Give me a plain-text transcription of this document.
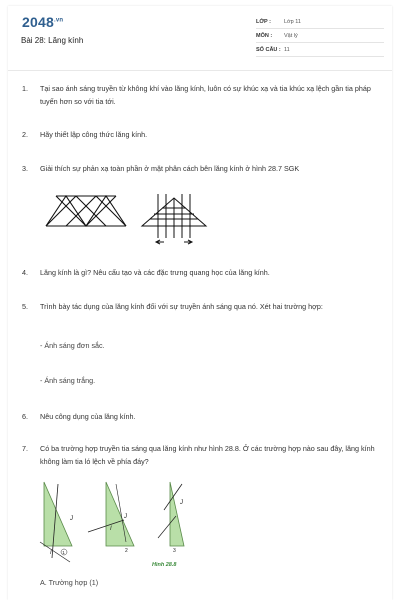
$2048^{.vn}$
Bài 28: Lăng kính
LỚP : Lớp 11
MÔN : Vật lý
SỐ CÂU : 11
1.	Tại sao ánh sáng truyền từ không khí vào lăng kính, luôn có sự khúc xạ và tia khúc xạ lệch gần tia pháp tuyến hơn so với tia tới.
2.	Hãy thiết lập công thức lăng kính.
3.	Giải thích sự phản xạ toàn phần ở mặt phân cách bên lăng kính ở hình 28.7 SGK
4.	Lăng kính là gì? Nêu cấu tạo và các đặc trưng quang học của lăng kính.
5.	Trình bày tác dụng của lăng kính đối với sự truyền ánh sáng qua nó. Xét hai trường hợp:
- Ánh sáng đơn sắc.
- Ánh sáng trắng.
6.	Nêu công dụng của lăng kính.
7.	Có ba trường hợp truyền tia sáng qua lăng kính như hình 28.8. Ở các trường hợp nào sau đây, lăng kính không làm tia ló lệch về phía đáy?
J
I 1
J
I
2
J
3
Hình 28.8
A. Trường hợp (1)
